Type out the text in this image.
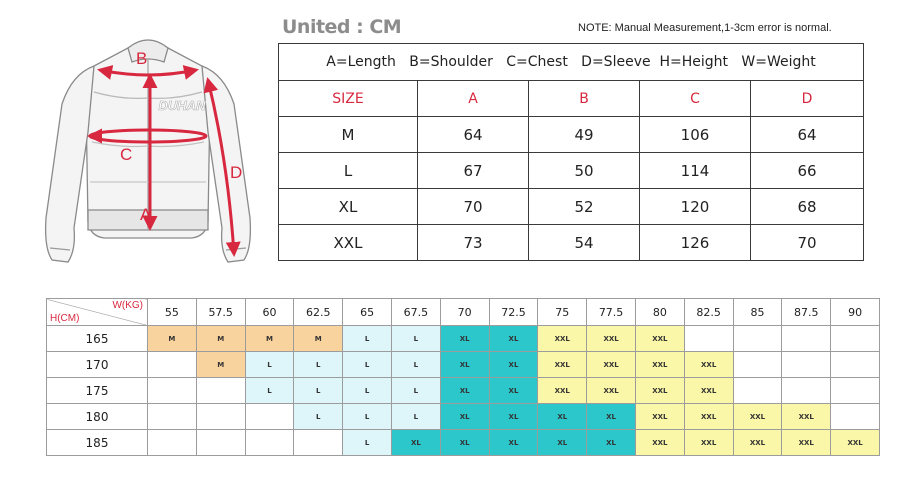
DUHAN
B
C
A
D
United : CM	NOTE: Manual Measurement,1-3cm error is normal.
A=Length   B=Shoulder   C=Chest   D=Sleeve  H=Height   W=Weight				
SIZE	A	B	C	D
M	64	49	106	64
L	67	50	114	66
XL	70	52	120	68
XXL	73	54	126	70
W(KG)
H(CM)	55	57.5	60	62.5	65	67.5	70	72.5	75	77.5	80	82.5	85	87.5	90
165	M	M	M	M	L	L	XL	XL	XXL	XXL	XXL				
170		M	L	L	L	L	XL	XL	XXL	XXL	XXL	XXL			
175			L	L	L	L	XL	XL	XXL	XXL	XXL	XXL			
180				L	L	L	XL	XL	XL	XL	XXL	XXL	XXL	XXL	
185					L	XL	XL	XL	XL	XL	XXL	XXL	XXL	XXL	XXL
